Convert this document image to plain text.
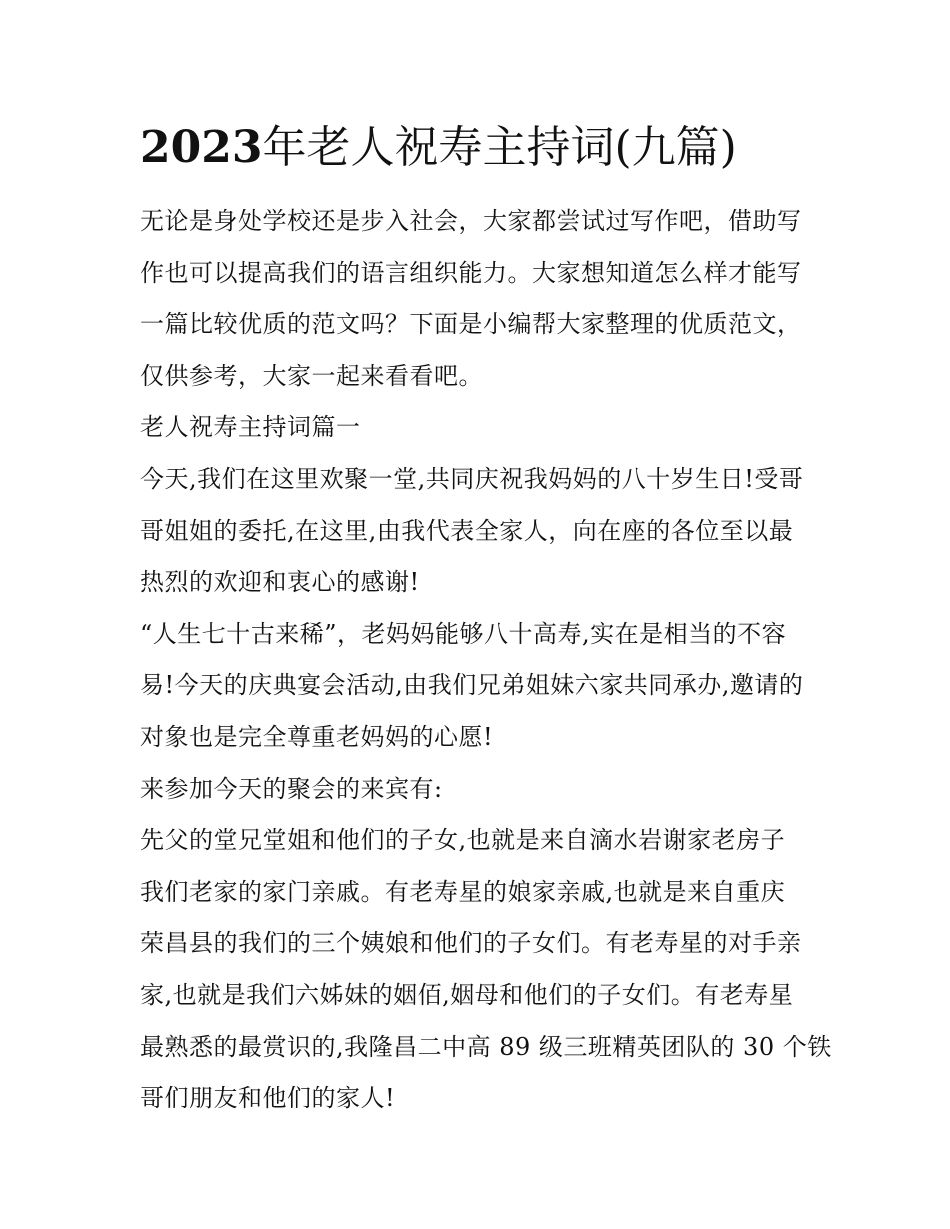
2023年老人祝寿主持词(九篇)
无论是身处学校还是步入社会，大家都尝试过写作吧，借助写
作也可以提高我们的语言组织能力。大家想知道怎么样才能写
一篇比较优质的范文吗？下面是小编帮大家整理的优质范文，
仅供参考，大家一起来看看吧。
老人祝寿主持词篇一
今天,我们在这里欢聚一堂,共同庆祝我妈妈的八十岁生日!受哥
哥姐姐的委托,在这里,由我代表全家人，向在座的各位至以最
热烈的欢迎和衷心的感谢!
“人生七十古来稀”，老妈妈能够八十高寿,实在是相当的不容
易!今天的庆典宴会活动,由我们兄弟姐妹六家共同承办,邀请的
对象也是完全尊重老妈妈的心愿!
来参加今天的聚会的来宾有:
先父的堂兄堂姐和他们的子女,也就是来自滴水岩谢家老房子
我们老家的家门亲戚。有老寿星的娘家亲戚,也就是来自重庆
荣昌县的我们的三个姨娘和他们的子女们。有老寿星的对手亲
家,也就是我们六姊妹的姻佰,姻母和他们的子女们。有老寿星
最熟悉的最赏识的,我隆昌二中高 89 级三班精英团队的 30 个铁
哥们朋友和他们的家人!
